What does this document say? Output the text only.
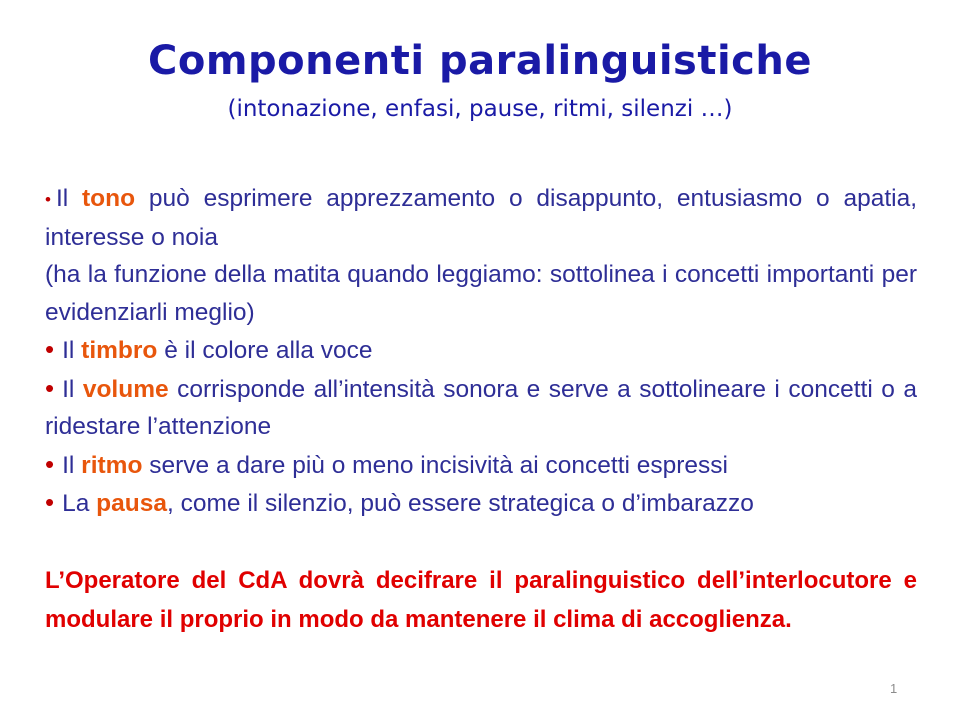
Componenti paralinguistiche
(intonazione, enfasi, pause, ritmi, silenzi …)

• Il tono può esprimere apprezzamento o disappunto, entusiasmo o apatia, interesse o noia

(ha la funzione della matita quando leggiamo: sottolinea i concetti importanti per evidenziarli meglio)

• Il timbro è il colore alla voce

• Il volume corrisponde all’intensità sonora e serve a sottolineare i concetti o a ridestare l’attenzione

• Il ritmo serve a dare più o meno incisività ai concetti espressi

• La pausa, come il silenzio, può essere strategica o d’imbarazzo

L’Operatore del CdA dovrà decifrare il paralinguistico dell’interlocutore e modulare il proprio in modo da mantenere il clima di accoglienza.

1
